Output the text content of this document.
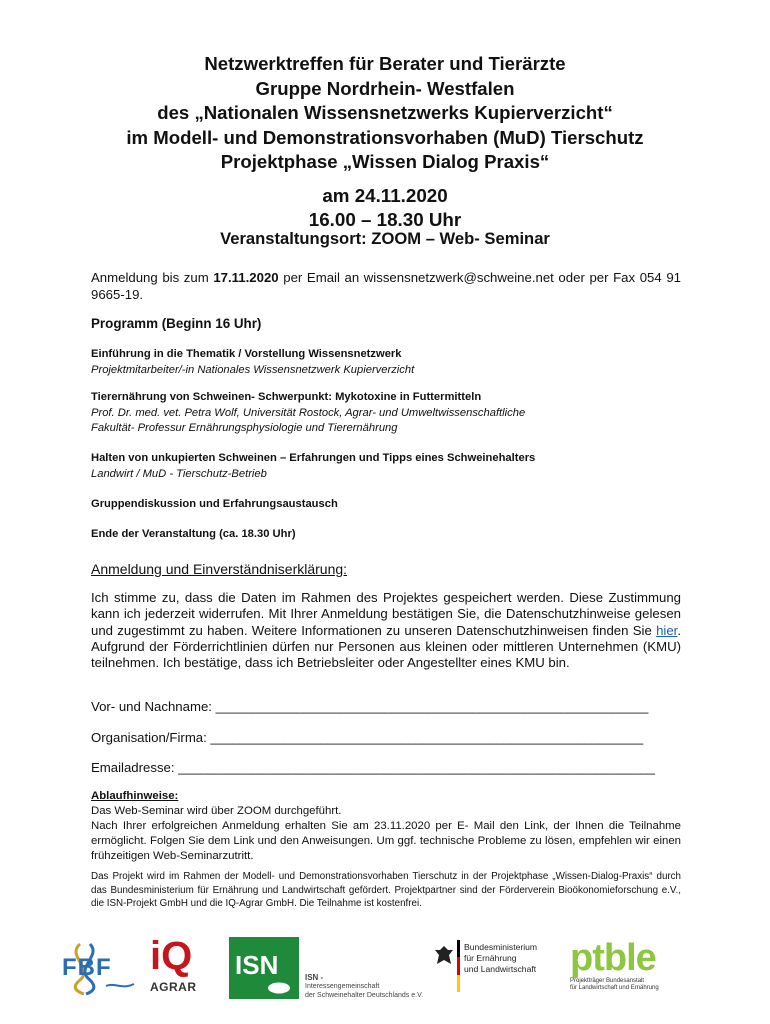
Netzwerktreffen für Berater und Tierärzte
Gruppe Nordrhein- Westfalen
des „Nationalen Wissensnetzwerks Kupierverzicht“
im Modell- und Demonstrationsvorhaben (MuD) Tierschutz
Projektphase „Wissen Dialog Praxis“
am 24.11.2020
16.00 – 18.30 Uhr
Veranstaltungsort: ZOOM – Web- Seminar
Anmeldung bis zum 17.11.2020 per Email an wissensnetzwerk@schweine.net oder per Fax 054 91 9665-19.
Programm (Beginn 16 Uhr)
Einführung in die Thematik / Vorstellung Wissensnetzwerk
Projektmitarbeiter/-in Nationales Wissensnetzwerk Kupierverzicht
Tierernährung von Schweinen- Schwerpunkt: Mykotoxine in Futtermitteln
Prof. Dr. med. vet. Petra Wolf, Universität Rostock, Agrar- und Umweltwissenschaftliche
Fakultät- Professur Ernährungsphysiologie und Tierernährung
Halten von unkupierten Schweinen – Erfahrungen und Tipps eines Schweinehalters
Landwirt / MuD - Tierschutz-Betrieb
Gruppendiskussion und Erfahrungsaustausch
Ende der Veranstaltung (ca. 18.30 Uhr)
Anmeldung und Einverständniserklärung:
Ich stimme zu, dass die Daten im Rahmen des Projektes gespeichert werden. Diese Zustimmung kann ich jederzeit widerrufen. Mit Ihrer Anmeldung bestätigen Sie, die Datenschutzhinweise gelesen und zugestimmt zu haben. Weitere Informationen zu unseren Datenschutzhinweisen finden Sie hier. Aufgrund der Förderrichtlinien dürfen nur Personen aus kleinen oder mittleren Unternehmen (KMU) teilnehmen. Ich bestätige, dass ich Betriebsleiter oder Angestellter eines KMU bin.
Vor- und Nachname: ___________________________________________________________
Organisation/Firma: ___________________________________________________________
Emailadresse: _________________________________________________________________
Ablaufhinweise:

Das Web-Seminar wird über ZOOM durchgeführt.

Nach Ihrer erfolgreichen Anmeldung erhalten Sie am 23.11.2020 per E- Mail den Link, der Ihnen die Teilnahme ermöglicht. Folgen Sie dem Link und den Anweisungen. Um ggf. technische Probleme zu lösen, empfehlen wir einen frühzeitigen Web-Seminarzutritt.

Das Projekt wird im Rahmen der Modell- und Demonstrationsvorhaben Tierschutz in der Projektphase „Wissen-Dialog-Praxis“ durch das Bundesministerium für Ernährung und Landwirtschaft gefördert. Projektpartner sind der Förderverein Bioökonomieforschung e.V., die ISN-Projekt GmbH und die IQ-Agrar GmbH. Die Teilnahme ist kostenfrei.
FBF iQ
AGRAR
ISN	ISN -
Interessengemeinschaft
der Schweinehalter Deutschlands e.V.
Bundesministerium
für Ernährung
und Landwirtschaft ptble
Projektträger Bundesanstalt
für Landwirtschaft und Ernährung
